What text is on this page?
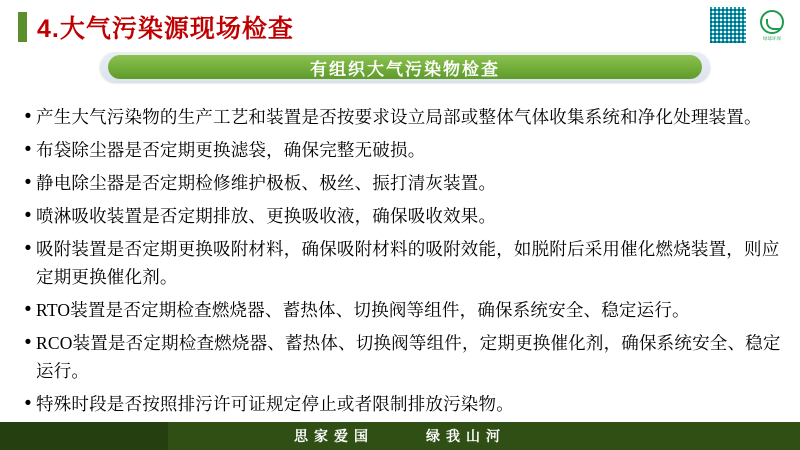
4.大气污染源现场检查	绿球环保
有组织大气污染物检查
• 产生大气污染物的生产工艺和装置是否按要求设立局部或整体气体收集系统和净化处理装置。
• 布袋除尘器是否定期更换滤袋，确保完整无破损。
• 静电除尘器是否定期检修维护极板、极丝、振打清灰装置。
• 喷淋吸收装置是否定期排放、更换吸收液，确保吸收效果。
• 吸附装置是否定期更换吸附材料，确保吸附材料的吸附效能，如脱附后采用催化燃烧装置，则应定期更换催化剂。
• RTO装置是否定期检查燃烧器、蓄热体、切换阀等组件，确保系统安全、稳定运行。
• RCO装置是否定期检查燃烧器、蓄热体、切换阀等组件，定期更换催化剂，确保系统安全、稳定运行。
• 特殊时段是否按照排污许可证规定停止或者限制排放污染物。
思家爱国	绿我山河
